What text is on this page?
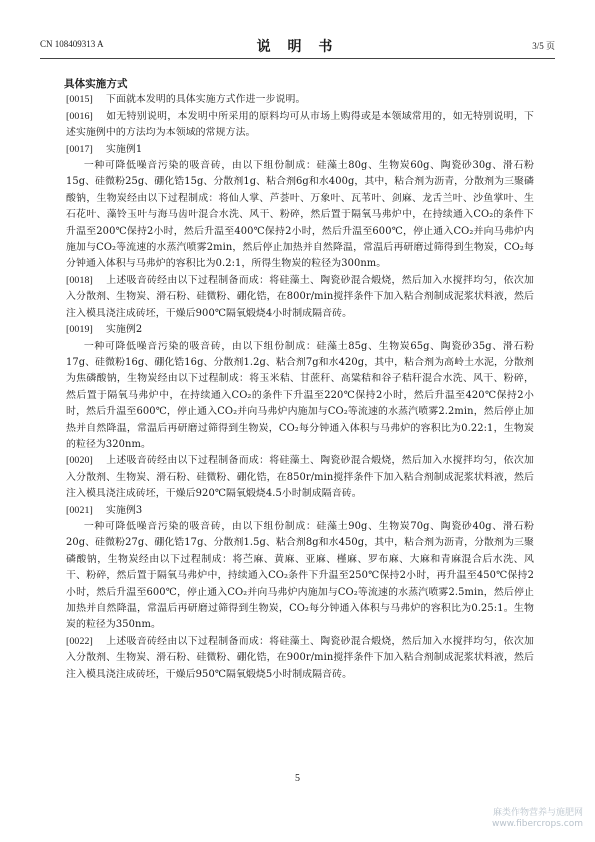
CN 108409313 A	说 明 书	3/5 页
具体实施方式

[0015] 下面就本发明的具体实施方式作进一步说明。

[0016] 如无特别说明，本发明中所采用的原料均可从市场上购得或是本领域常用的，如无特别说明，下述实施例中的方法均为本领域的常规方法。

[0017] 实施例1

一种可降低噪音污染的吸音砖，由以下组份制成：硅藻土80g、生物炭60g、陶瓷砂30g、滑石粉15g、硅微粉25g、硼化锆15g、分散剂1g、粘合剂6g和水400g，其中，粘合剂为沥青，分散剂为三聚磷酸钠，生物炭经由以下过程制成：将仙人掌、芦荟叶、万象叶、瓦苇叶、剑麻、龙舌兰叶、沙鱼掌叶、生石花叶、藻铃玉叶与海马齿叶混合水洗、风干、粉碎，然后置于隔氧马弗炉中，在持续通入CO₂的条件下升温至200℃保持2小时，然后升温至400℃保持2小时，然后升温至600℃，停止通入CO₂并向马弗炉内施加与CO₂等流速的水蒸汽喷雾2min，然后停止加热并自然降温，常温后再研磨过筛得到生物炭，CO₂每分钟通入体积与马弗炉的容积比为0.2:1，所得生物炭的粒径为300nm。

[0018] 上述吸音砖经由以下过程制备而成：将硅藻土、陶瓷砂混合煅烧，然后加入水搅拌均匀，依次加入分散剂、生物炭、滑石粉、硅微粉、硼化锆，在800r/min搅拌条件下加入粘合剂制成泥浆状料液，然后注入模具浇注成砖坯，干燥后900℃隔氧煅烧4小时制成隔音砖。

[0019] 实施例2

一种可降低噪音污染的吸音砖，由以下组份制成：硅藻土85g、生物炭65g、陶瓷砂35g、滑石粉17g、硅微粉16g、硼化锆16g、分散剂1.2g、粘合剂7g和水420g，其中，粘合剂为高岭土水泥，分散剂为焦磷酸钠，生物炭经由以下过程制成：将玉米秸、甘蔗秆、高粱秸和谷子秸秆混合水洗、风干、粉碎，然后置于隔氧马弗炉中，在持续通入CO₂的条件下升温至220℃保持2小时，然后升温至420℃保持2小时，然后升温至600℃，停止通入CO₂并向马弗炉内施加与CO₂等流速的水蒸汽喷雾2.2min，然后停止加热并自然降温，常温后再研磨过筛得到生物炭，CO₂每分钟通入体积与马弗炉的容积比为0.22:1，生物炭的粒径为320nm。

[0020] 上述吸音砖经由以下过程制备而成：将硅藻土、陶瓷砂混合煅烧，然后加入水搅拌均匀，依次加入分散剂、生物炭、滑石粉、硅微粉、硼化锆，在850r/min搅拌条件下加入粘合剂制成泥浆状料液，然后注入模具浇注成砖坯，干燥后920℃隔氧煅烧4.5小时制成隔音砖。

[0021] 实施例3

一种可降低噪音污染的吸音砖，由以下组份制成：硅藻土90g、生物炭70g、陶瓷砂40g、滑石粉20g、硅微粉27g、硼化锆17g、分散剂1.5g、粘合剂8g和水450g，其中，粘合剂为沥青，分散剂为三聚磷酸钠，生物炭经由以下过程制成：将苎麻、黄麻、亚麻、槿麻、罗布麻、大麻和青麻混合后水洗、风干、粉碎，然后置于隔氧马弗炉中，持续通入CO₂条件下升温至250℃保持2小时，再升温至450℃保持2小时，然后升温至600℃，停止通入CO₂并向马弗炉内施加与CO₂等流速的水蒸汽喷雾2.5min，然后停止加热并自然降温，常温后再研磨过筛得到生物炭，CO₂每分钟通入体积与马弗炉的容积比为0.25:1。生物炭的粒径为350nm。

[0022] 上述吸音砖经由以下过程制备而成：将硅藻土、陶瓷砂混合煅烧，然后加入水搅拌均匀，依次加入分散剂、生物炭、滑石粉、硅微粉、硼化锆，在900r/min搅拌条件下加入粘合剂制成泥浆状料液，然后注入模具浇注成砖坯，干燥后950℃隔氧煅烧5小时制成隔音砖。

5
麻类作物营养与施肥网
www.fibercrops.com
